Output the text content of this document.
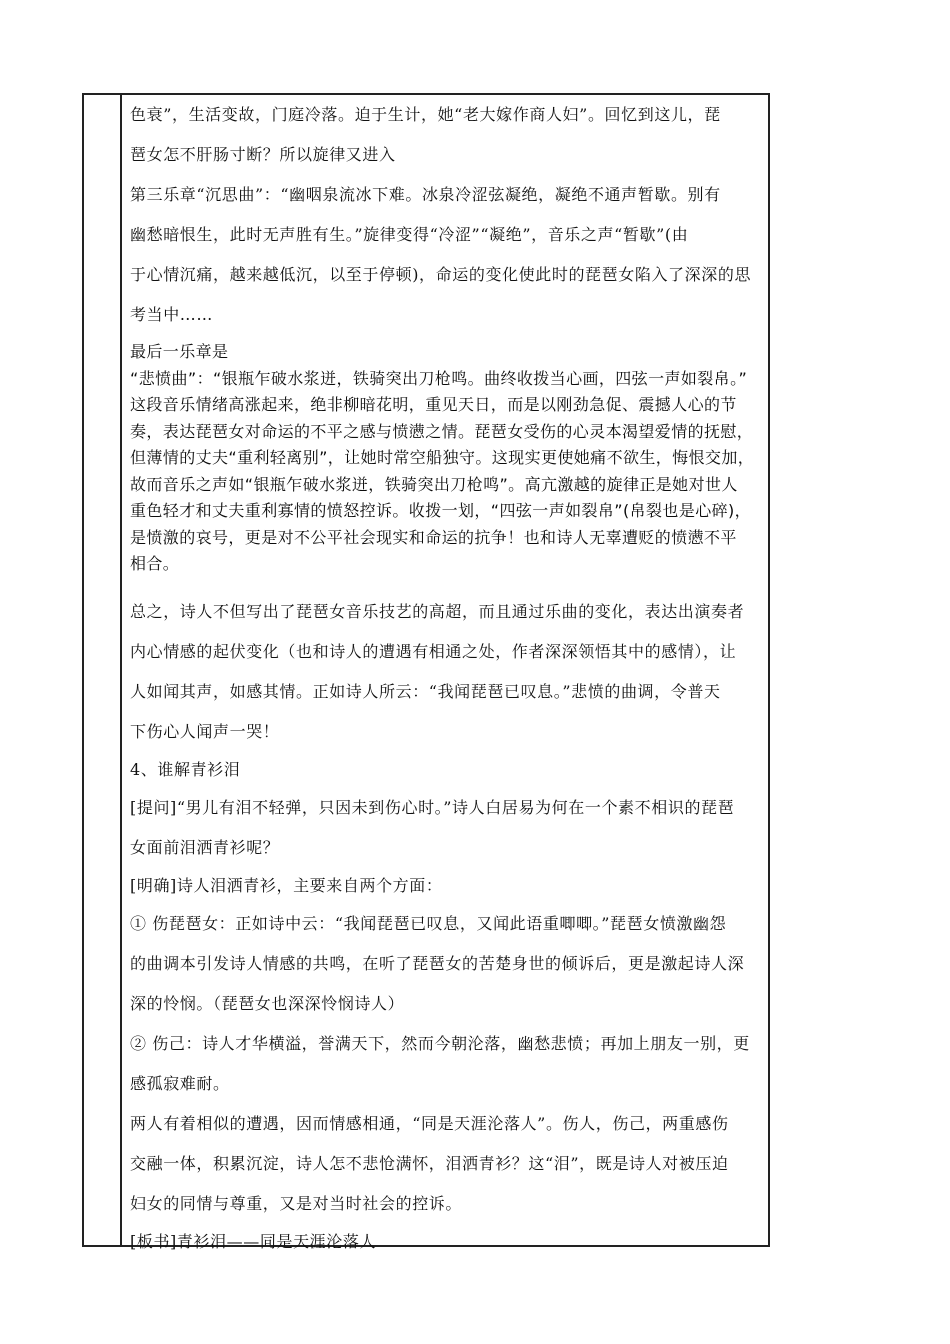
色衰”，生活变故，门庭冷落。迫于生计，她“老大嫁作商人妇”。回忆到这儿，琵

琶女怎不肝肠寸断？所以旋律又进入

第三乐章“沉思曲”：“幽咽泉流冰下难。冰泉冷涩弦凝绝，凝绝不通声暂歇。别有

幽愁暗恨生，此时无声胜有生。”旋律变得“冷涩”“凝绝”，音乐之声“暂歇”(由

于心情沉痛，越来越低沉，以至于停顿)，命运的变化使此时的琵琶女陷入了深深的思

考当中……

最后一乐章是

“悲愤曲”：“银瓶乍破水浆迸，铁骑突出刀枪鸣。曲终收拨当心画，四弦一声如裂帛。”

这段音乐情绪高涨起来，绝非柳暗花明，重见天日，而是以刚劲急促、震撼人心的节

奏，表达琵琶女对命运的不平之感与愤懑之情。琵琶女受伤的心灵本渴望爱情的抚慰，

但薄情的丈夫“重利轻离别”，让她时常空船独守。这现实更使她痛不欲生，悔恨交加，

故而音乐之声如“银瓶乍破水浆迸，铁骑突出刀枪鸣”。高亢激越的旋律正是她对世人

重色轻才和丈夫重利寡情的愤怒控诉。收拨一划，“四弦一声如裂帛”(帛裂也是心碎)，

是愤激的哀号，更是对不公平社会现实和命运的抗争！也和诗人无辜遭贬的愤懑不平

相合。

总之，诗人不但写出了琵琶女音乐技艺的高超，而且通过乐曲的变化，表达出演奏者

内心情感的起伏变化（也和诗人的遭遇有相通之处，作者深深领悟其中的感情），让

人如闻其声，如感其情。正如诗人所云：“我闻琵琶已叹息。”悲愤的曲调，令普天

下伤心人闻声一哭！

4、谁解青衫泪

[提问]“男儿有泪不轻弹，只因未到伤心时。”诗人白居易为何在一个素不相识的琵琶

女面前泪洒青衫呢？

[明确]诗人泪洒青衫，主要来自两个方面：

① 伤琵琶女：正如诗中云：“我闻琵琶已叹息，又闻此语重唧唧。”琵琶女愤激幽怨

的曲调本引发诗人情感的共鸣，在听了琵琶女的苦楚身世的倾诉后，更是激起诗人深

深的怜悯。（琵琶女也深深怜悯诗人）

② 伤己：诗人才华横溢，誉满天下，然而今朝沦落，幽愁悲愤；再加上朋友一别，更

感孤寂难耐。

两人有着相似的遭遇，因而情感相通，“同是天涯沦落人”。伤人，伤己，两重感伤

交融一体，积累沉淀，诗人怎不悲怆满怀，泪洒青衫？这“泪”，既是诗人对被压迫

妇女的同情与尊重，又是对当时社会的控诉。

[板书]青衫泪——同是天涯沦落人
